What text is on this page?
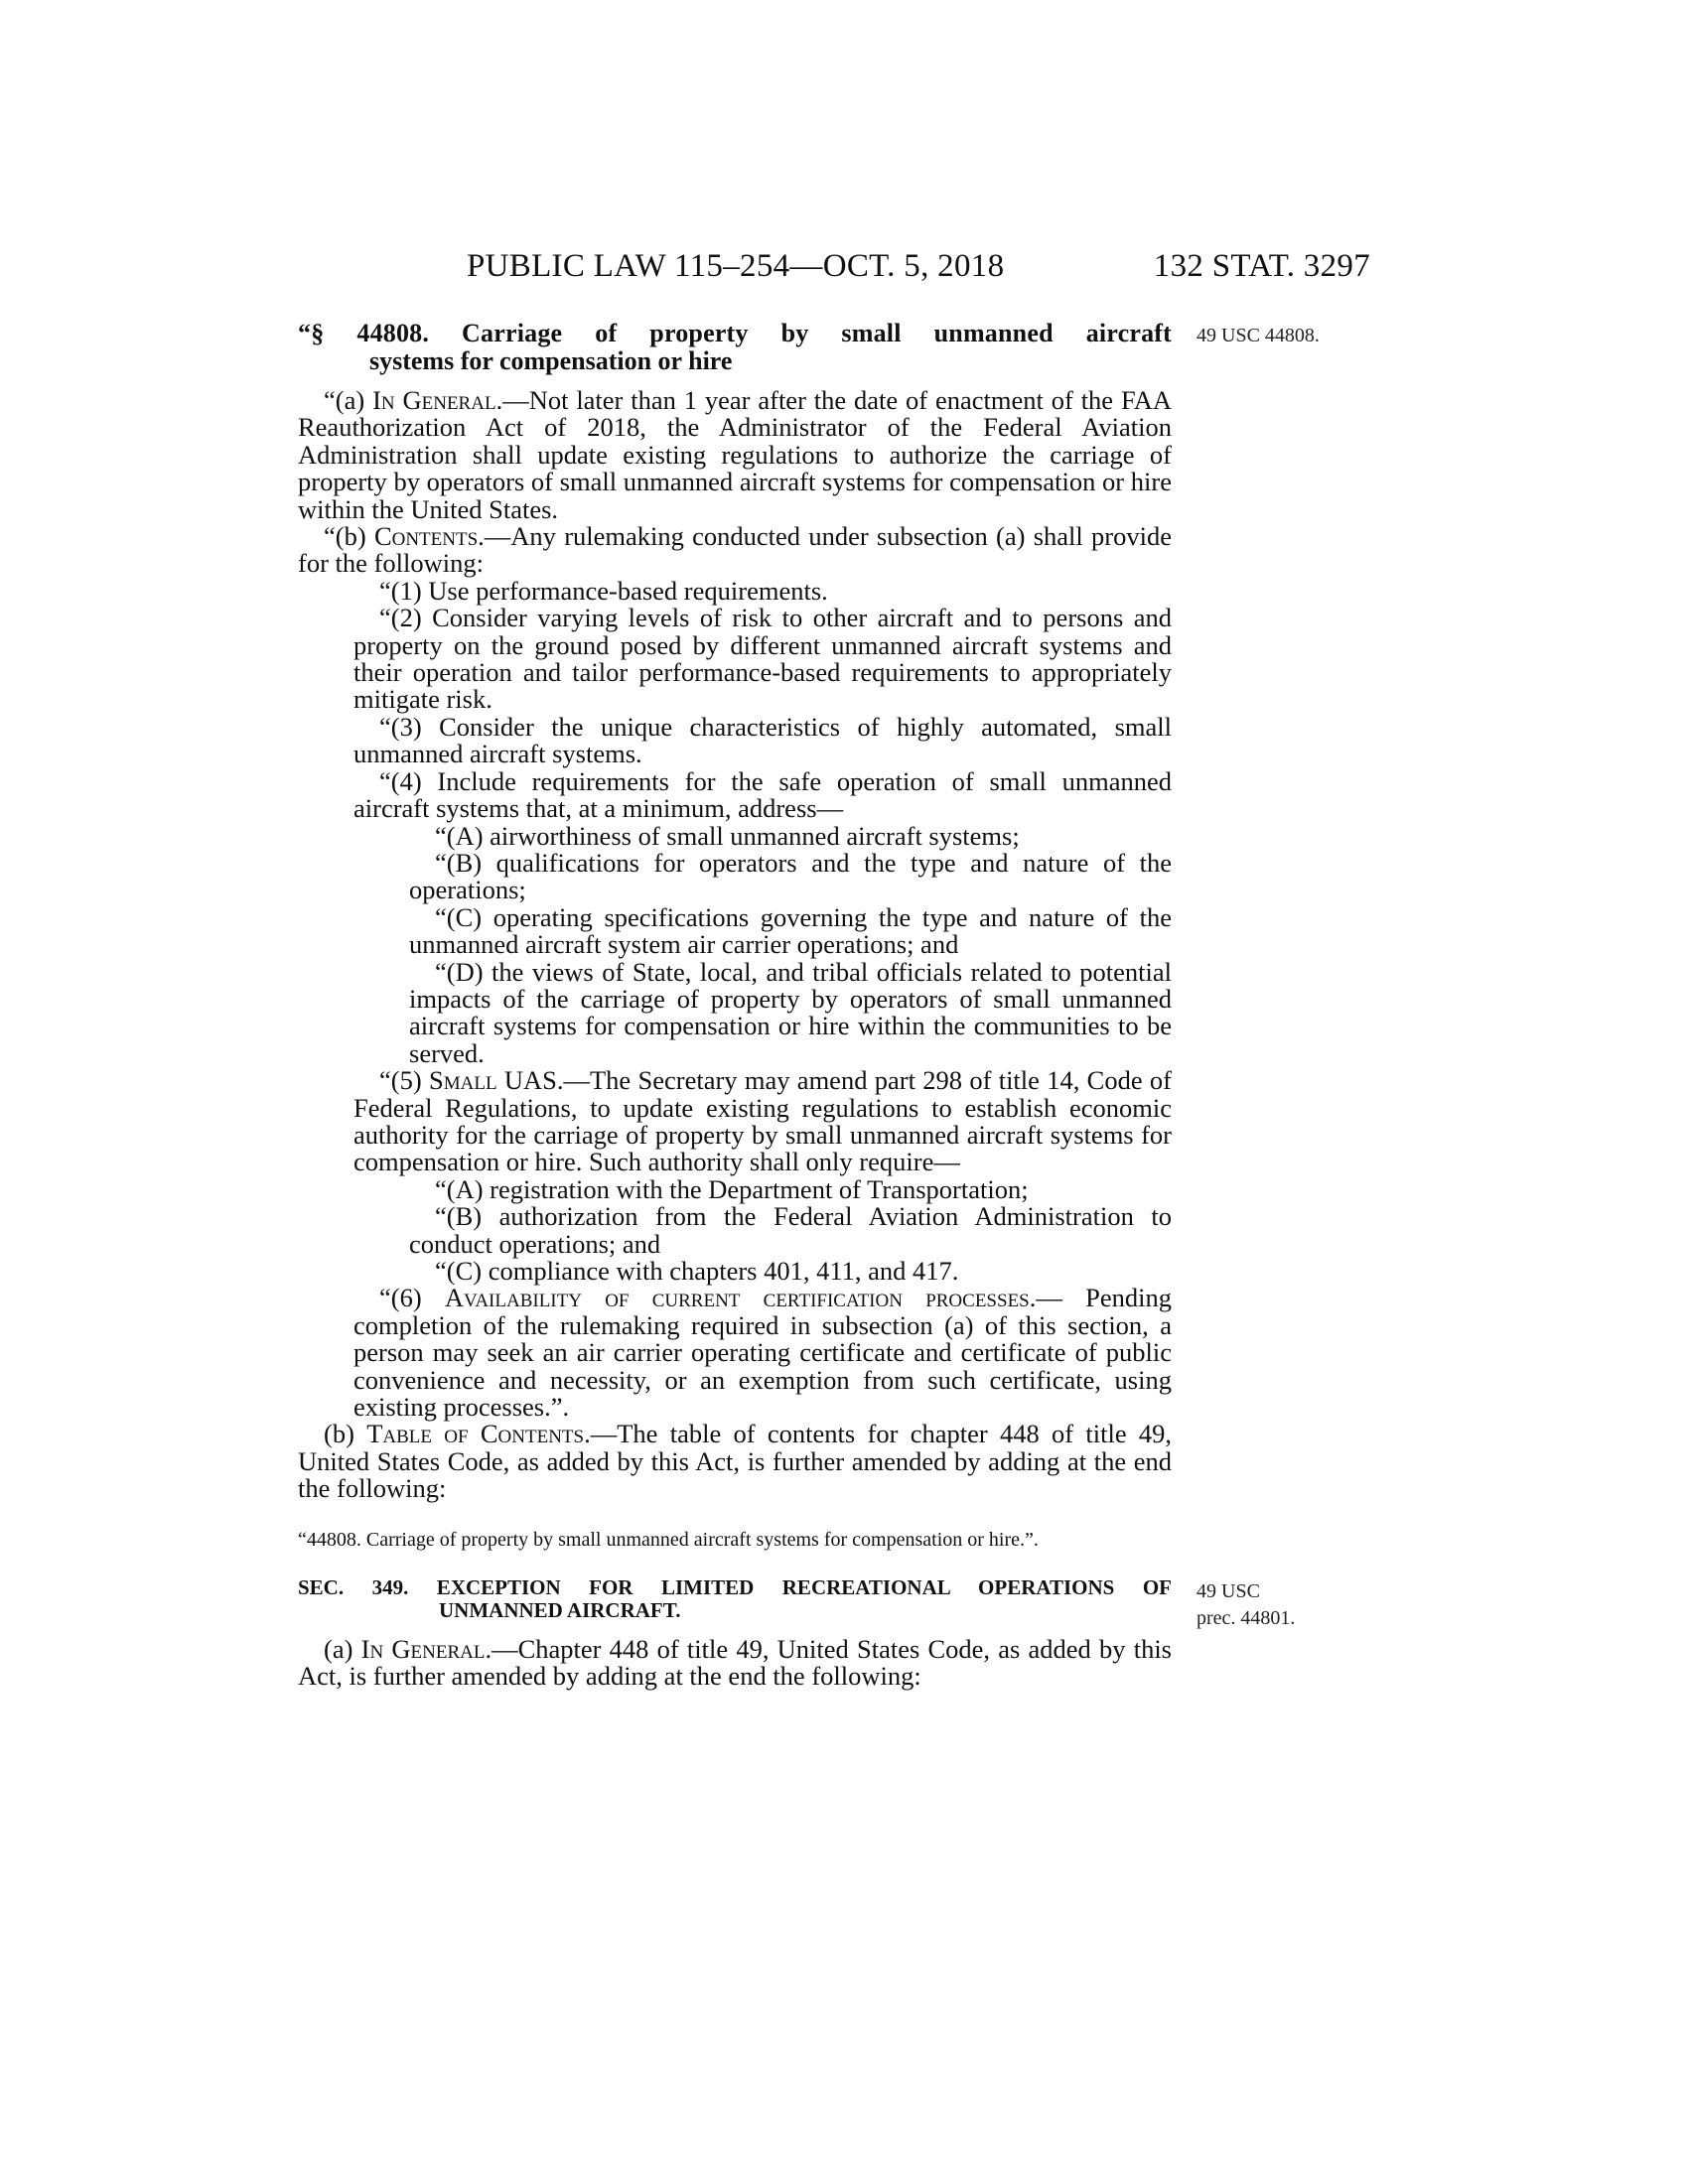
PUBLIC LAW 115–254—OCT. 5, 2018	132 STAT. 3297
49 USC 44808.
49 USC
prec. 44801.
“§ 44808. Carriage of property by small unmanned aircraft
systems for compensation or hire

“(a) In General.—Not later than 1 year after the date of enactment of the FAA Reauthorization Act of 2018, the Administrator of the Federal Aviation Administration shall update existing regulations to authorize the carriage of property by operators of small unmanned aircraft systems for compensation or hire within the United States.

“(b) Contents.—Any rulemaking conducted under subsection (a) shall provide for the following:

“(1) Use performance-based requirements.

“(2) Consider varying levels of risk to other aircraft and to persons and property on the ground posed by different unmanned aircraft systems and their operation and tailor performance-based requirements to appropriately mitigate risk.

“(3) Consider the unique characteristics of highly automated, small unmanned aircraft systems.

“(4) Include requirements for the safe operation of small unmanned aircraft systems that, at a minimum, address—

“(A) airworthiness of small unmanned aircraft systems;

“(B) qualifications for operators and the type and nature of the operations;

“(C) operating specifications governing the type and nature of the unmanned aircraft system air carrier operations; and

“(D) the views of State, local, and tribal officials related to potential impacts of the carriage of property by operators of small unmanned aircraft systems for compensation or hire within the communities to be served.

“(5) Small UAS.—The Secretary may amend part 298 of title 14, Code of Federal Regulations, to update existing regulations to establish economic authority for the carriage of property by small unmanned aircraft systems for compensation or hire. Such authority shall only require—

“(A) registration with the Department of Transportation;

“(B) authorization from the Federal Aviation Administration to conduct operations; and

“(C) compliance with chapters 401, 411, and 417.

“(6) Availability of current certification processes.— Pending completion of the rulemaking required in subsection (a) of this section, a person may seek an air carrier operating certificate and certificate of public convenience and necessity, or an exemption from such certificate, using existing processes.”.

(b) Table of Contents.—The table of contents for chapter 448 of title 49, United States Code, as added by this Act, is further amended by adding at the end the following:

“44808. Carriage of property by small unmanned aircraft systems for compensation or hire.”.

SEC. 349. EXCEPTION FOR LIMITED RECREATIONAL OPERATIONS OF
UNMANNED AIRCRAFT.

(a) In General.—Chapter 448 of title 49, United States Code, as added by this Act, is further amended by adding at the end the following:
